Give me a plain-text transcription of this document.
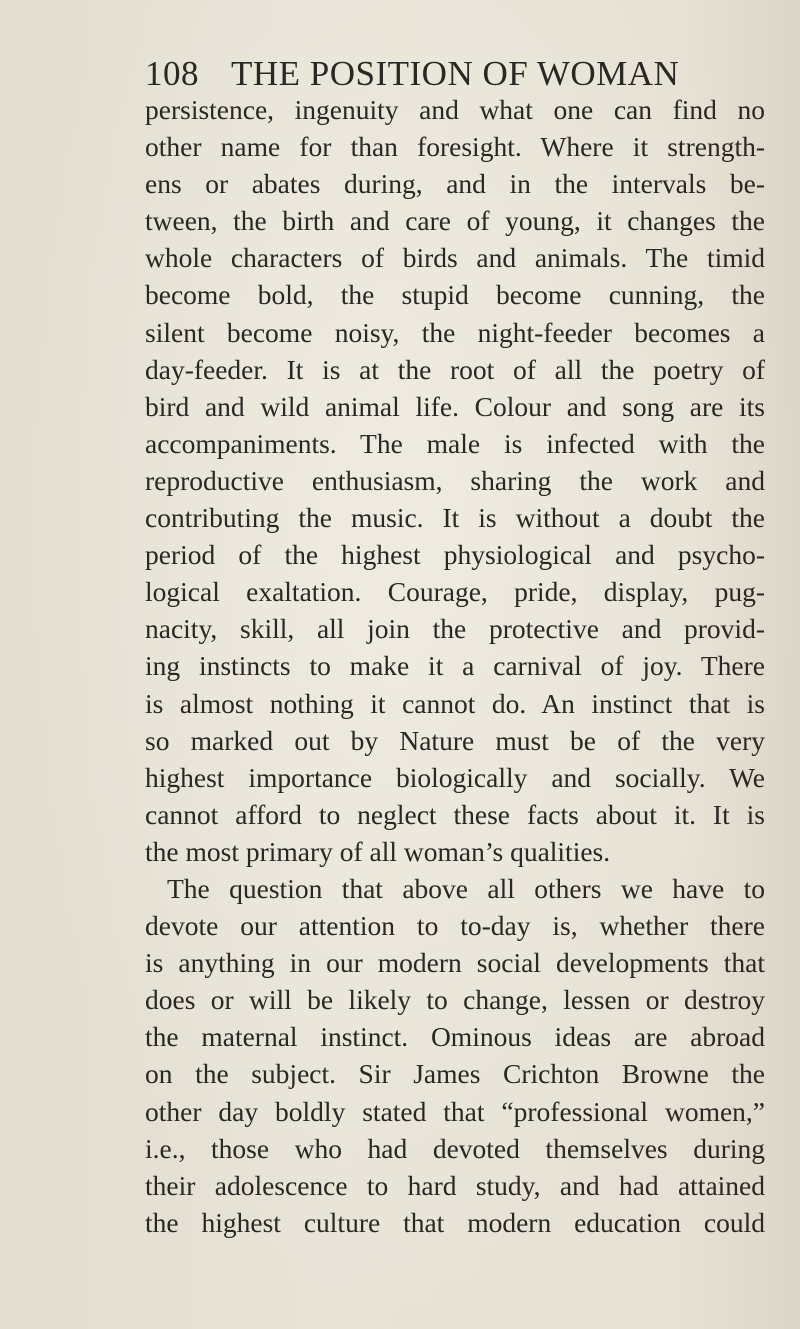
108 THE POSITION OF WOMAN
persistence, ingenuity and what one can find no
other name for than foresight. Where it strength-
ens or abates during, and in the intervals be-
tween, the birth and care of young, it changes the
whole characters of birds and animals. The timid
become bold, the stupid become cunning, the
silent become noisy, the night-feeder becomes a
day-feeder. It is at the root of all the poetry of
bird and wild animal life. Colour and song are its
accompaniments. The male is infected with the
reproductive enthusiasm, sharing the work and
contributing the music. It is without a doubt the
period of the highest physiological and psycho-
logical exaltation. Courage, pride, display, pug-
nacity, skill, all join the protective and provid-
ing instincts to make it a carnival of joy. There
is almost nothing it cannot do. An instinct that is
so marked out by Nature must be of the very
highest importance biologically and socially. We
cannot afford to neglect these facts about it. It is
the most primary of all woman’s qualities.
The question that above all others we have to
devote our attention to to-day is, whether there
is anything in our modern social developments that
does or will be likely to change, lessen or destroy
the maternal instinct. Ominous ideas are abroad
on the subject. Sir James Crichton Browne the
other day boldly stated that “professional women,”
i.e., those who had devoted themselves during
their adolescence to hard study, and had attained
the highest culture that modern education could
